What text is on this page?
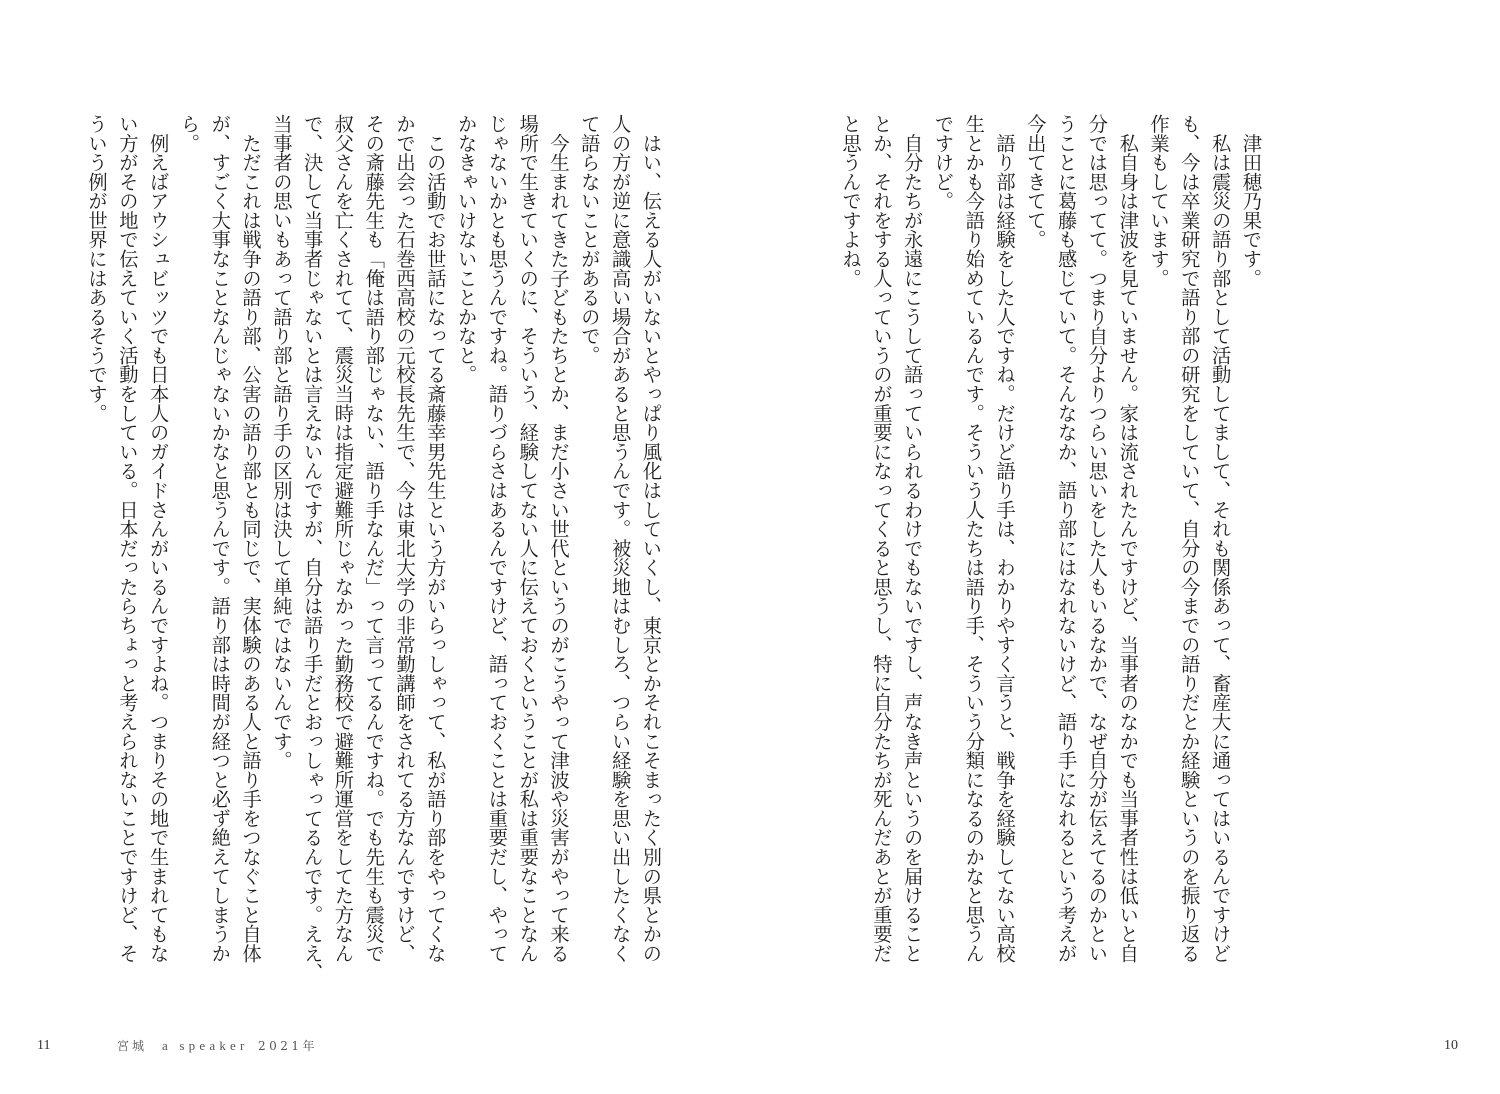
　はい、伝える人がいないとやっぱり風化はしていくし、東京とかそれこそまったく別の県とかの
人の方が逆に意識高い場合があると思うんです。被災地はむしろ、つらい経験を思い出したくなく
て語らないことがあるので。
　今生まれてきた子どもたちとか、まだ小さい世代というのがこうやって津波や災害がやって来る
場所で生きていくのに、そういう、経験してない人に伝えておくということが私は重要なことなん
じゃないかとも思うんですね。語りづらさはあるんですけど、語っておくことは重要だし、やって
かなきゃいけないことかなと。
　この活動でお世話になってる斎藤幸男先生という方がいらっしゃって、私が語り部をやってくな
かで出会った石巻西高校の元校長先生で、今は東北大学の非常勤講師をされてる方なんですけど、
その斎藤先生も「俺は語り部じゃない、語り手なんだ」って言ってるんですね。でも先生も震災で
叔父さんを亡くされてて、震災当時は指定避難所じゃなかった勤務校で避難所運営をしてた方なん
で、決して当事者じゃないとは言えないんですが、自分は語り手だとおっしゃってるんです。ええ、
当事者の思いもあって語り部と語り手の区別は決して単純ではないんです。
　ただこれは戦争の語り部、公害の語り部とも同じで、実体験のある人と語り手をつなぐこと自体
が、すごく大事なことなんじゃないかなと思うんです。語り部は時間が経つと必ず絶えてしまうか
ら。
　例えばアウシュビッツでも日本人のガイドさんがいるんですよね。つまりその地で生まれてもな
い方がその地で伝えていく活動をしている。日本だったらちょっと考えられないことですけど、そ
ういう例が世界にはあるそうです。
11	宮城 a speaker 2021年
　津田穂乃果です。
　私は震災の語り部として活動してまして、それも関係あって、畜産大に通ってはいるんですけど
も、今は卒業研究で語り部の研究をしていて、自分の今までの語りだとか経験というのを振り返る
作業もしています。
　私自身は津波を見ていません。家は流されたんですけど、当事者のなかでも当事者性は低いと自
分では思ってて。つまり自分よりつらい思いをした人もいるなかで、なぜ自分が伝えてるのかとい
うことに葛藤も感じていて。そんななか、語り部にはなれないけど、語り手になれるという考えが
今出てきてて。
　語り部は経験をした人ですね。だけど語り手は、わかりやすく言うと、戦争を経験してない高校
生とかも今語り始めているんです。そういう人たちは語り手、そういう分類になるのかなと思うん
ですけど。
　自分たちが永遠にこうして語っていられるわけでもないですし、声なき声というのを届けること
とか、それをする人っていうのが重要になってくると思うし、特に自分たちが死んだあとが重要だ
と思うんですよね。
10
